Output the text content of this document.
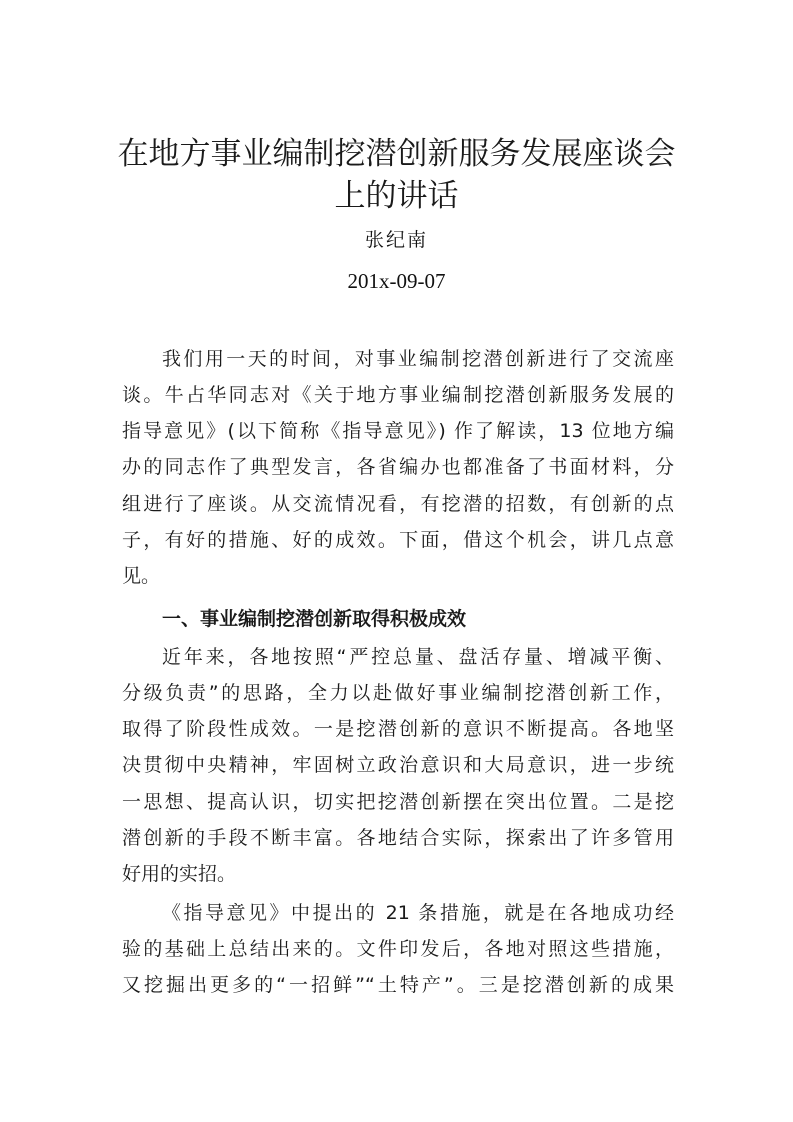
在地方事业编制挖潜创新服务发展座谈会
上的讲话
张纪南
201x-09-07
我们用一天的时间，对事业编制挖潜创新进行了交流座
谈。牛占华同志对《关于地方事业编制挖潜创新服务发展的
指导意见》(以下简称《指导意见》) 作了解读，13 位地方编
办的同志作了典型发言，各省编办也都准备了书面材料，分
组进行了座谈。从交流情况看，有挖潜的招数，有创新的点
子，有好的措施、好的成效。下面，借这个机会，讲几点意
见。
一、事业编制挖潜创新取得积极成效
近年来，各地按照“严控总量、盘活存量、增减平衡、
分级负责”的思路，全力以赴做好事业编制挖潜创新工作，
取得了阶段性成效。一是挖潜创新的意识不断提高。各地坚
决贯彻中央精神，牢固树立政治意识和大局意识，进一步统
一思想、提高认识，切实把挖潜创新摆在突出位置。二是挖
潜创新的手段不断丰富。各地结合实际，探索出了许多管用
好用的实招。
《指导意见》中提出的 21 条措施，就是在各地成功经
验的基础上总结出来的。文件印发后，各地对照这些措施，
又挖掘出更多的“一招鲜”“土特产”。三是挖潜创新的成果
